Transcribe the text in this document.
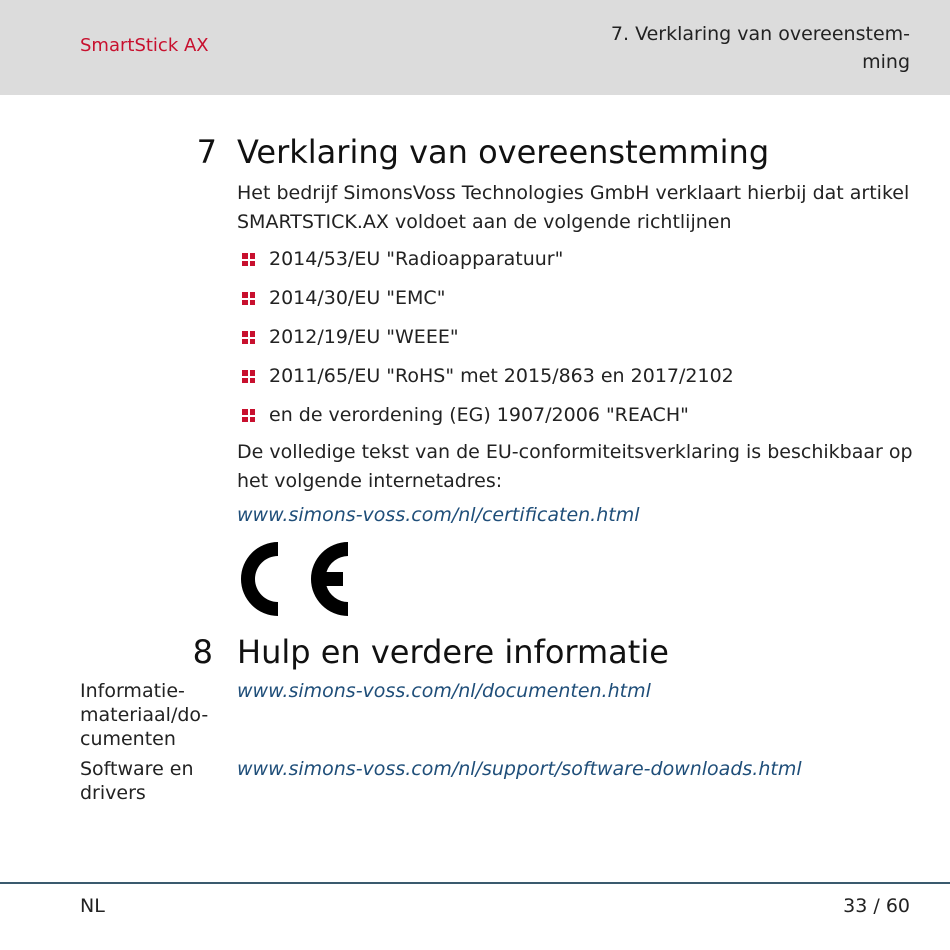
SmartStick AX
7. Verklaring van overeenstem-
ming
7 Verklaring van overeenstemming
Het bedrijf SimonsVoss Technologies GmbH verklaart hierbij dat artikel SMARTSTICK.AX voldoet aan de volgende richtlijnen
2014/53/EU "Radioapparatuur"
2014/30/EU "EMC"
2012/19/EU "WEEE"
2011/65/EU "RoHS" met 2015/863 en 2017/2102
en de verordening (EG) 1907/2006 "REACH"
De volledige tekst van de EU-conformiteitsverklaring is beschikbaar op het volgende internetadres:
www.simons-voss.com/nl/certificaten.html
8 Hulp en verdere informatie
Informatie-
materiaal/do-
cumenten
www.simons-voss.com/nl/documenten.html
Software en
drivers
www.simons-voss.com/nl/support/software-downloads.html
NL	33 / 60
